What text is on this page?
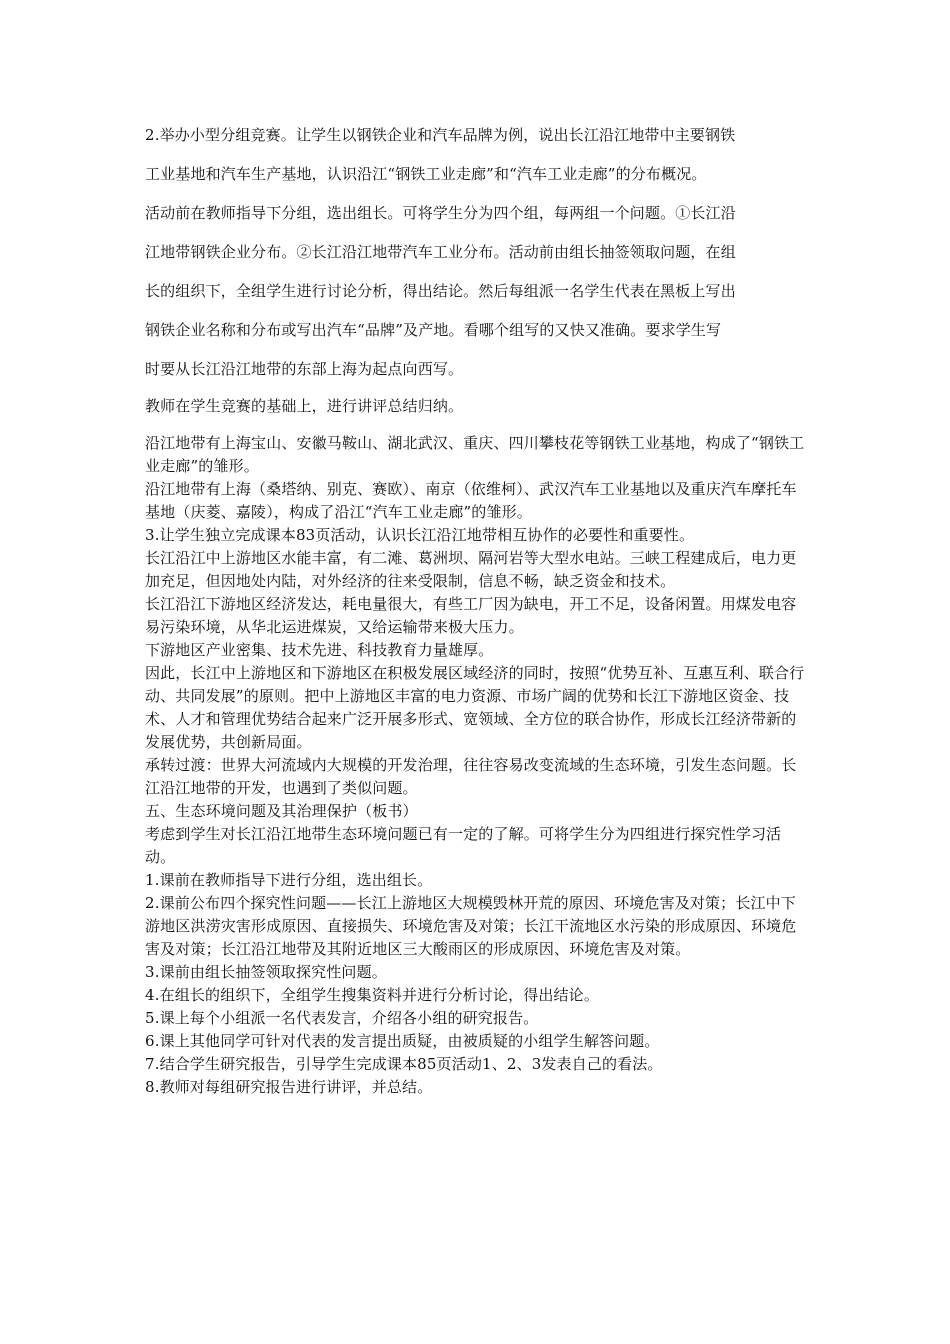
2.举办小型分组竞赛。让学生以钢铁企业和汽车品牌为例，说出长江沿江地带中主要钢铁

工业基地和汽车生产基地，认识沿江“钢铁工业走廊”和“汽车工业走廊”的分布概况。

活动前在教师指导下分组，选出组长。可将学生分为四个组，每两组一个问题。①长江沿

江地带钢铁企业分布。②长江沿江地带汽车工业分布。活动前由组长抽签领取问题，在组

长的组织下，全组学生进行讨论分析，得出结论。然后每组派一名学生代表在黑板上写出

钢铁企业名称和分布或写出汽车“品牌”及产地。看哪个组写的又快又准确。要求学生写

时要从长江沿江地带的东部上海为起点向西写。

教师在学生竞赛的基础上，进行讲评总结归纳。

沿江地带有上海宝山、安徽马鞍山、湖北武汉、重庆、四川攀枝花等钢铁工业基地，构成了“钢铁工业走廊”的雏形。

沿江地带有上海（桑塔纳、别克、赛欧）、南京（依维柯）、武汉汽车工业基地以及重庆汽车摩托车基地（庆菱、嘉陵），构成了沿江“汽车工业走廊”的雏形。

3.让学生独立完成课本83页活动，认识长江沿江地带相互协作的必要性和重要性。

长江沿江中上游地区水能丰富，有二滩、葛洲坝、隔河岩等大型水电站。三峡工程建成后，电力更加充足，但因地处内陆，对外经济的往来受限制，信息不畅，缺乏资金和技术。

长江沿江下游地区经济发达，耗电量很大，有些工厂因为缺电，开工不足，设备闲置。用煤发电容易污染环境，从华北运进煤炭，又给运输带来极大压力。

下游地区产业密集、技术先进、科技教育力量雄厚。

因此，长江中上游地区和下游地区在积极发展区域经济的同时，按照“优势互补、互惠互利、联合行动、共同发展”的原则。把中上游地区丰富的电力资源、市场广阔的优势和长江下游地区资金、技术、人才和管理优势结合起来广泛开展多形式、宽领域、全方位的联合协作，形成长江经济带新的发展优势，共创新局面。

承转过渡：世界大河流域内大规模的开发治理，往往容易改变流域的生态环境，引发生态问题。长江沿江地带的开发，也遇到了类似问题。

五、生态环境问题及其治理保护（板书）

考虑到学生对长江沿江地带生态环境问题已有一定的了解。可将学生分为四组进行探究性学习活动。

1.课前在教师指导下进行分组，选出组长。

2.课前公布四个探究性问题——长江上游地区大规模毁林开荒的原因、环境危害及对策；长江中下游地区洪涝灾害形成原因、直接损失、环境危害及对策；长江干流地区水污染的形成原因、环境危害及对策；长江沿江地带及其附近地区三大酸雨区的形成原因、环境危害及对策。

3.课前由组长抽签领取探究性问题。

4.在组长的组织下，全组学生搜集资料并进行分析讨论，得出结论。

5.课上每个小组派一名代表发言，介绍各小组的研究报告。

6.课上其他同学可针对代表的发言提出质疑，由被质疑的小组学生解答问题。

7.结合学生研究报告，引导学生完成课本85页活动1、2、3发表自己的看法。

8.教师对每组研究报告进行讲评，并总结。
